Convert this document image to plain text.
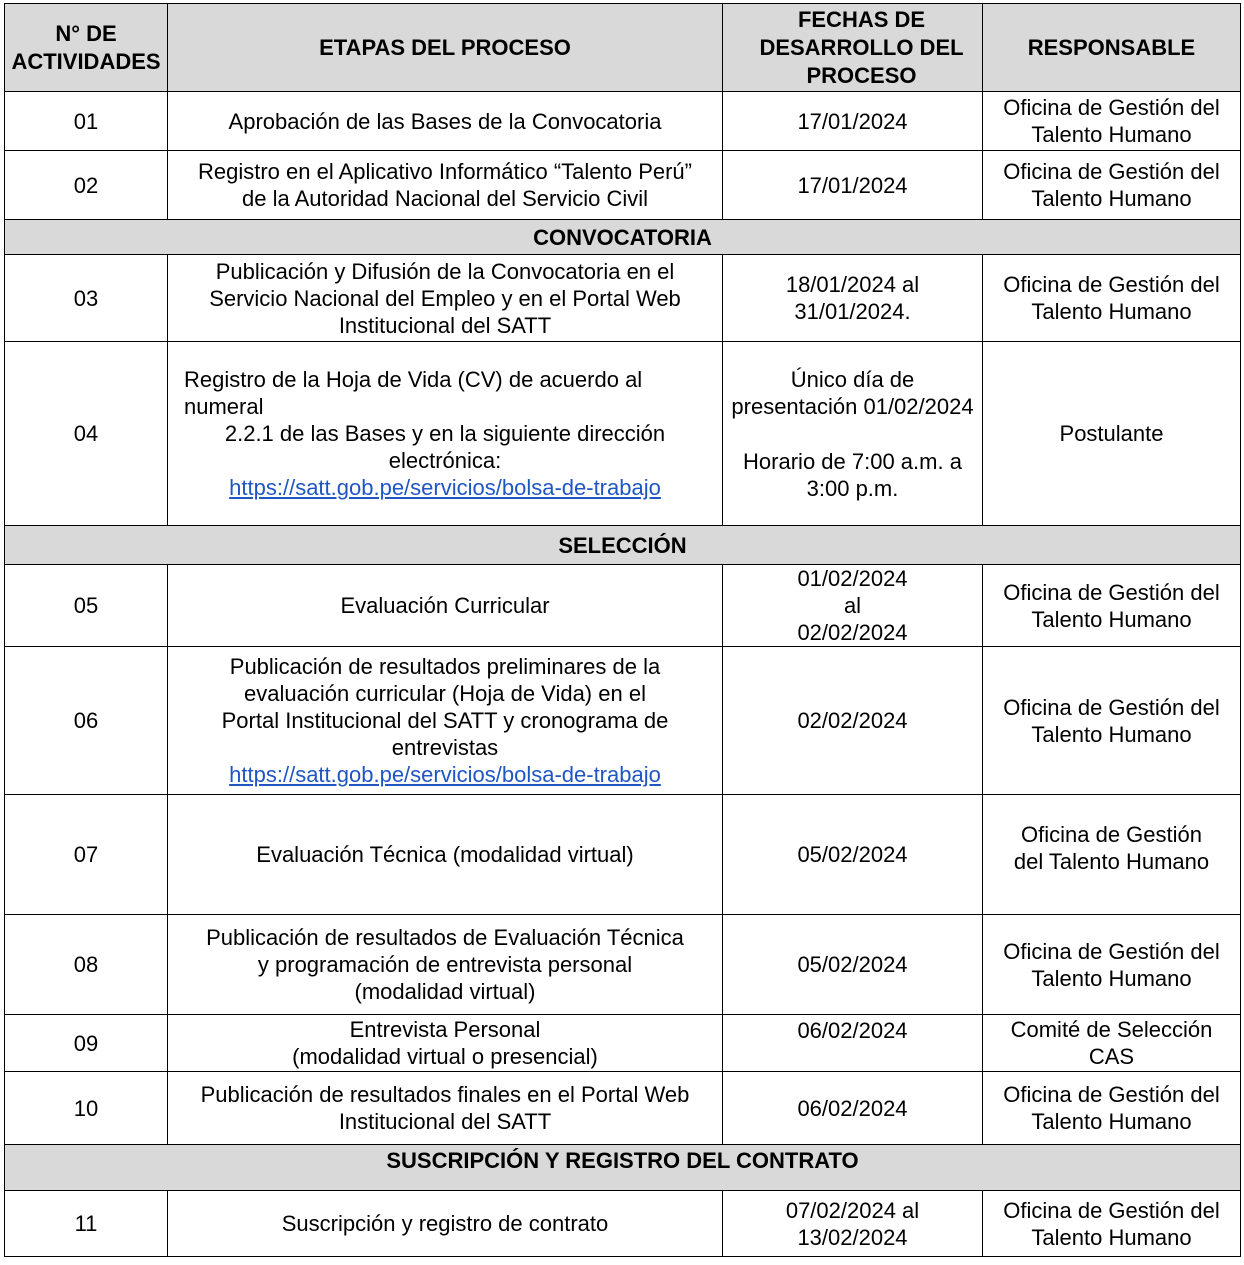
N° DE
ACTIVIDADES	ETAPAS DEL PROCESO	FECHAS DE
DESARROLLO DEL
PROCESO	RESPONSABLE
01	Aprobación de las Bases de la Convocatoria	17/01/2024	Oficina de Gestión del
Talento Humano

02	Registro en el Aplicativo Informático “Talento Perú”
de la Autoridad Nacional del Servicio Civil	17/01/2024	Oficina de Gestión del
Talento Humano

CONVOCATORIA			
03	Publicación y Difusión de la Convocatoria en el
Servicio Nacional del Empleo y en el Portal Web
Institucional del SATT	18/01/2024 al
31/01/2024.	Oficina de Gestión del
Talento Humano

04	Registro de la Hoja de Vida (CV) de acuerdo al
numeral
2.2.1 de las Bases y en la siguiente dirección
electrónica:
https://satt.gob.pe/servicios/bolsa-de-trabajo	Único día de
presentación 01/02/2024
Horario de 7:00 a.m. a
3:00 p.m.	Postulante

SELECCIÓN			
05	Evaluación Curricular	01/02/2024
al
02/02/2024	Oficina de Gestión del
Talento Humano

06	Publicación de resultados preliminares de la
evaluación curricular (Hoja de Vida) en el
Portal Institucional del SATT y cronograma de
entrevistas
https://satt.gob.pe/servicios/bolsa-de-trabajo	02/02/2024	Oficina de Gestión del
Talento Humano

07	Evaluación Técnica (modalidad virtual)	05/02/2024	Oficina de Gestión
del Talento Humano

08	Publicación de resultados de Evaluación Técnica
y programación de entrevista personal
(modalidad virtual)	05/02/2024	Oficina de Gestión del
Talento Humano

09	Entrevista Personal
(modalidad virtual o presencial)	06/02/2024	Comité de Selección
CAS

10	Publicación de resultados finales en el Portal Web
Institucional del SATT	06/02/2024	Oficina de Gestión del
Talento Humano

SUSCRIPCIÓN Y REGISTRO DEL CONTRATO			
11	Suscripción y registro de contrato	07/02/2024 al
13/02/2024	Oficina de Gestión del
Talento Humano
